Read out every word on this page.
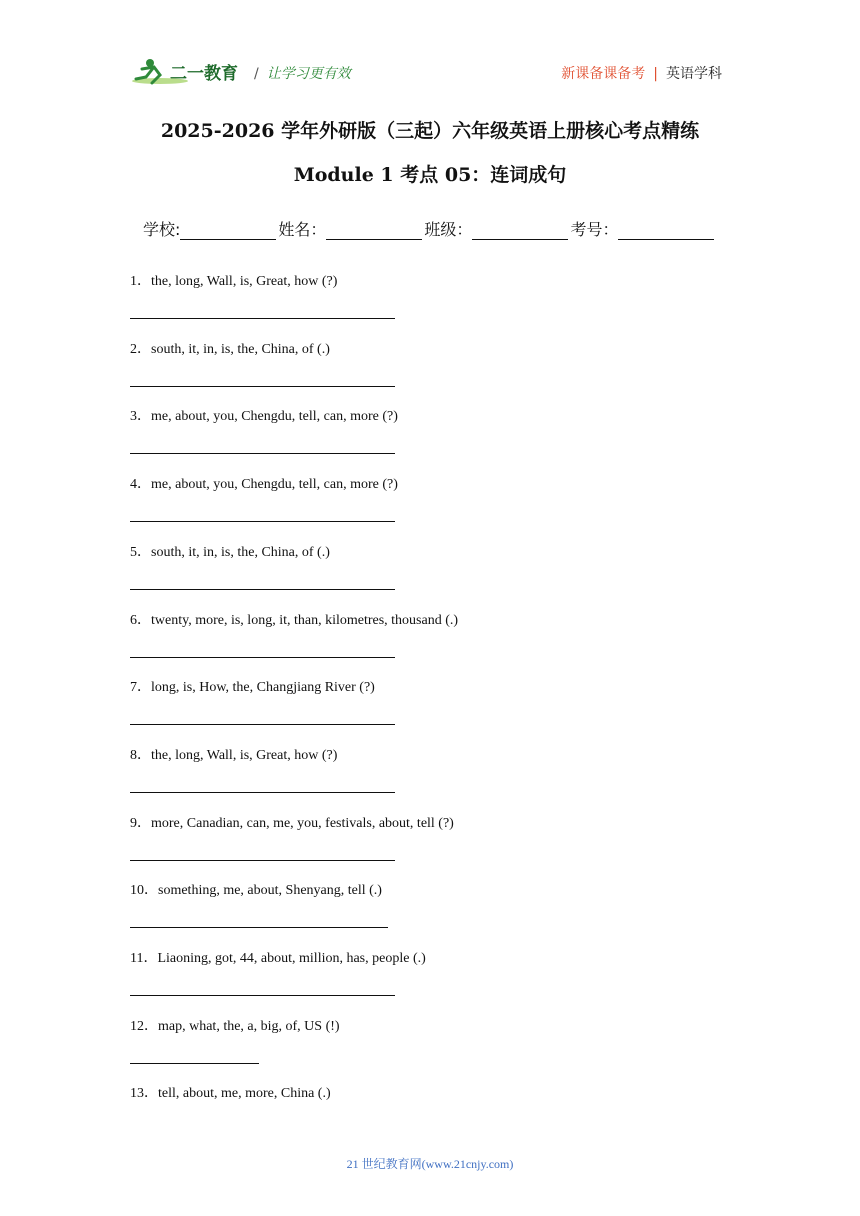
二一教育 / 让学习更有效	新课备课备考 | 英语学科
2025-2026 学年外研版（三起）六年级英语上册核心考点精练
Module 1 考点 05：连词成句
学校:	姓名：	班级：	考号：
1．the, long, Wall, is, Great, how (?)
2．south, it, in, is, the, China, of (.)
3．me, about, you, Chengdu, tell, can, more (?)
4．me, about, you, Chengdu, tell, can, more (?)
5．south, it, in, is, the, China, of (.)
6．twenty, more, is, long, it, than, kilometres, thousand (.)
7．long, is, How, the, Changjiang River (?)
8．the, long, Wall, is, Great, how (?)
9．more, Canadian, can, me, you, festivals, about, tell (?)
10．something, me, about, Shenyang, tell (.)
11．Liaoning, got, 44, about, million, has, people (.)
12．map, what, the, a, big, of, US (!)
13．tell, about, me, more, China (.)
21 世纪教育网(www.21cnjy.com)
